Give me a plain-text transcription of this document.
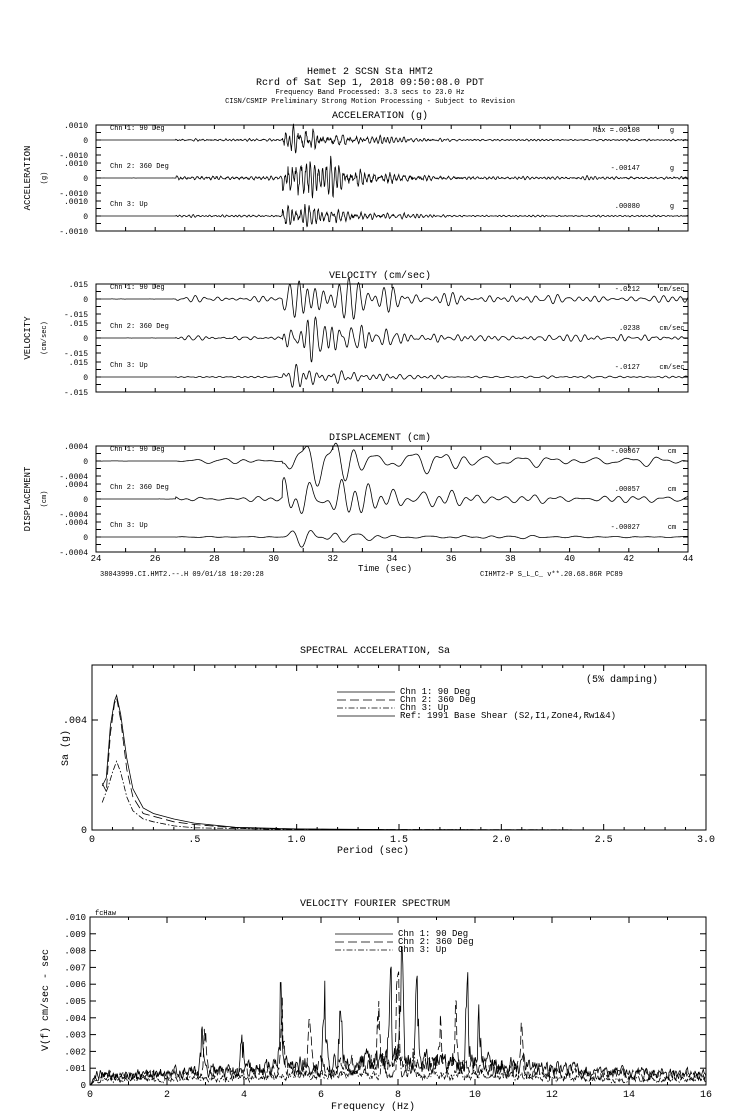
Hemet 2 SCSN Sta HMT2
Rcrd of Sat Sep 1, 2018 09:50:08.0 PDT
Frequency Band Processed: 3.3 secs to 23.0 Hz
CISN/CSMIP Preliminary Strong Motion Processing - Subject to Revision
ACCELERATION (g)
ACCELERATION (g)
.0010
0
-.0010
Chn 1: 90 Deg	Max = .00108	g
.0010
0
-.0010
Chn 2: 360 Deg	-.00147	g
.0010
0
-.0010
Chn 3: Up	.00080	g
VELOCITY (cm/sec)
VELOCITY (cm/sec)
.015
0
-.015
Chn 1: 90 Deg	-.0212	cm/sec
.015
0
-.015
Chn 2: 360 Deg	.0238	cm/sec
.015
0
-.015
Chn 3: Up	-.0127	cm/sec
DISPLACEMENT (cm)
DISPLACEMENT (cm)
.0004
0
-.0004
Chn 1: 90 Deg	-.00067	cm
.0004
0
-.0004
Chn 2: 360 Deg	.00057	cm
.0004
0
-.0004
Chn 3: Up	-.00027	cm
24	26	28	30	32	34	36	38	40	42	44
Time (sec)
38043999.CI.HMT2.--.H 09/01/18 10:20:28	CIHMT2-P S_L_C_ v**.20.68.86R PC89
SPECTRAL ACCELERATION, Sa
0	.5	1.0	1.5	2.0	2.5	3.0
0
.004
Period (sec)
Sa (g)
(5% damping)
Chn 1: 90 Deg
Chn 2: 360 Deg
Chn 3: Up
Ref: 1991 Base Shear (S2,I1,Zone4,Rw1&4)
VELOCITY FOURIER SPECTRUM
fcHaw
0
.001
.002
.003
.004
.005
.006
.007
.008
.009
.010
0	2	4	6	8	10	12	14	16
Frequency (Hz)
V(f) cm/sec - sec
Chn 1: 90 Deg
Chn 2: 360 Deg
Chn 3: Up
